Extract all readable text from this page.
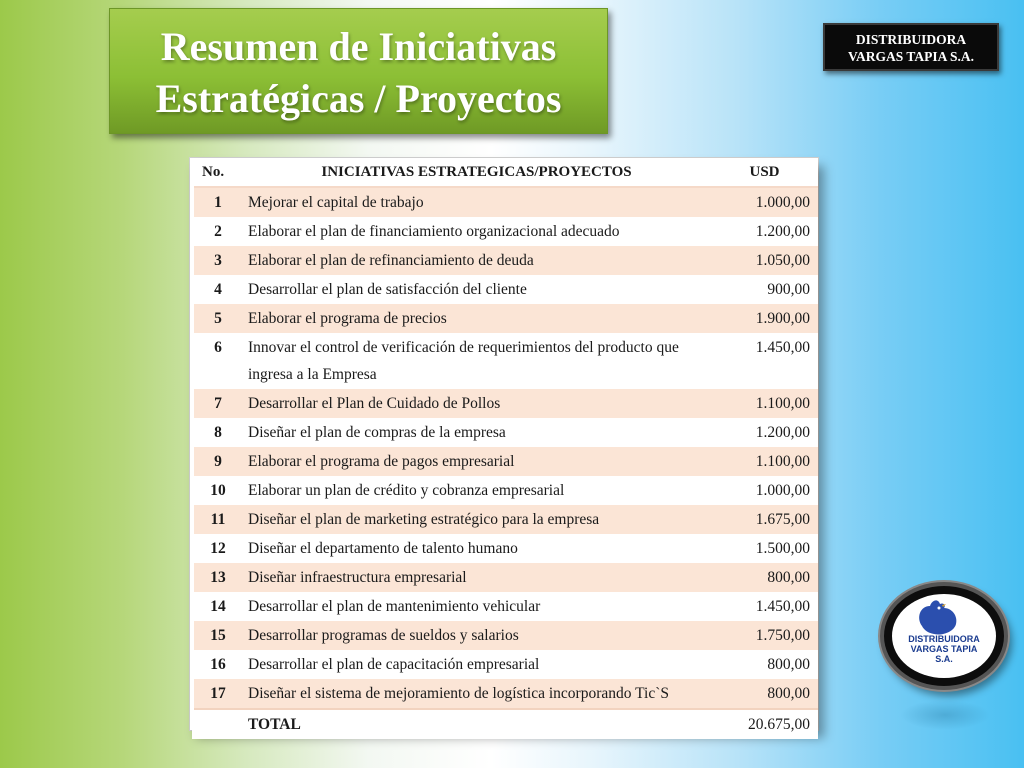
Resumen de Iniciativas
Estratégicas / Proyectos
DISTRIBUIDORA
VARGAS TAPIA S.A.
No.	INICIATIVAS ESTRATEGICAS/PROYECTOS	USD
1	Mejorar el capital de trabajo	1.000,00
2	Elaborar el plan de financiamiento organizacional adecuado	1.200,00
3	Elaborar el plan de refinanciamiento de deuda	1.050,00
4	Desarrollar el plan de satisfacción del cliente	900,00
5	Elaborar el programa de precios	1.900,00
6	Innovar el control de verificación de requerimientos del producto que ingresa a la Empresa	1.450,00
7	Desarrollar el Plan de Cuidado de Pollos	1.100,00
8	Diseñar el plan de compras de la empresa	1.200,00
9	Elaborar el programa de pagos empresarial	1.100,00
10	Elaborar un plan de crédito y cobranza empresarial	1.000,00
11	Diseñar el plan de marketing estratégico para la empresa	1.675,00
12	Diseñar el departamento de talento humano	1.500,00
13	Diseñar infraestructura empresarial	800,00
14	Desarrollar el plan de mantenimiento vehicular	1.450,00
15	Desarrollar programas de sueldos y salarios	1.750,00
16	Desarrollar el plan de capacitación empresarial	800,00
17	Diseñar el sistema de mejoramiento de logística incorporando Tic`S	800,00
	TOTAL	20.675,00
DISTRIBUIDORA
VARGAS TAPIA
S.A.
